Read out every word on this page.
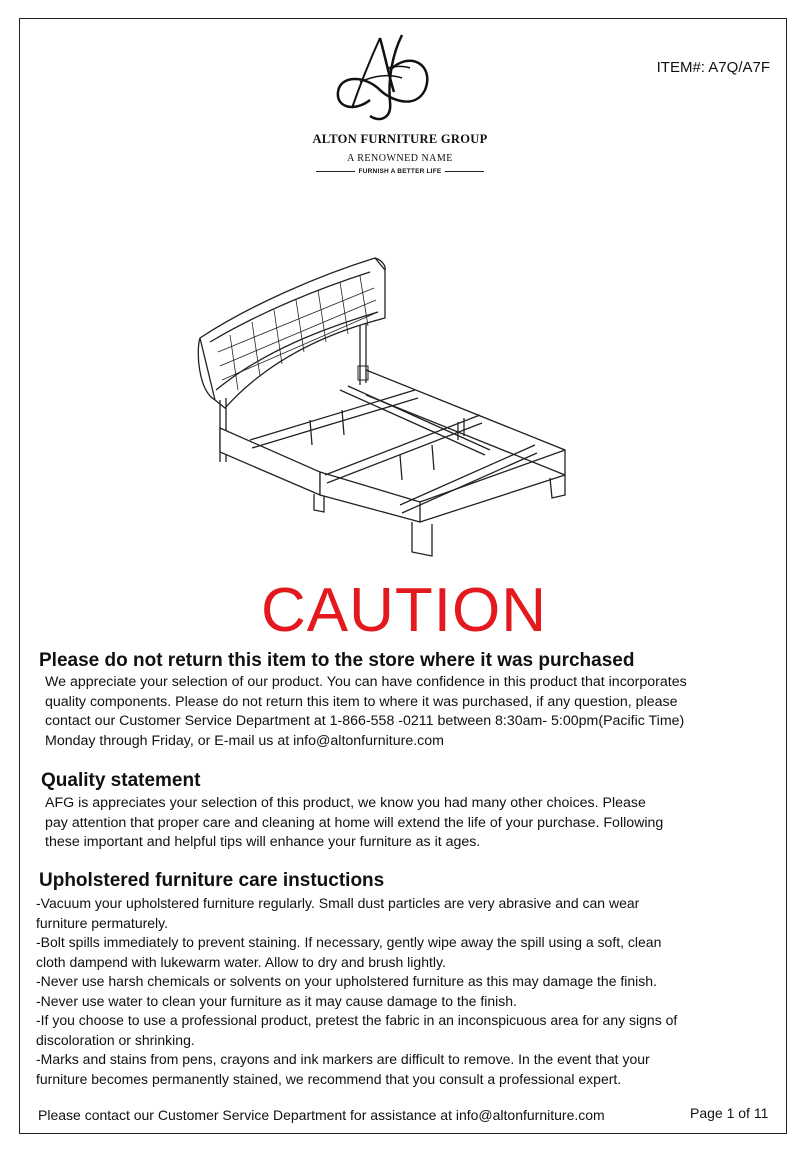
ITEM#: A7Q/A7F
ALTON FURNITURE GROUP
A RENOWNED NAME
FURNISH A BETTER LIFE
CAUTION
Please do not return this item to the store where it was purchased
We appreciate your selection of our product. You can have confidence in this product that incorporates
quality components. Please do not return this item to where it was purchased, if any question, please
contact our Customer Service Department at 1-866-558 -0211 between 8:30am- 5:00pm(Pacific Time)
Monday through Friday, or E-mail us at info@altonfurniture.com
Quality statement
AFG is appreciates your selection of this product, we know you had many other choices. Please
pay attention that proper care and cleaning at home will extend the life of your purchase. Following
these important and helpful tips will enhance your furniture as it ages.
Upholstered furniture care instuctions
-Vacuum your upholstered furniture regularly. Small dust particles are very abrasive and can wear
furniture permaturely.
-Bolt spills immediately to prevent staining. If necessary, gently wipe away the spill using a soft, clean
cloth dampend with lukewarm water. Allow to dry and brush lightly.
-Never use harsh chemicals or solvents on your upholstered furniture as this may damage the finish.
-Never use water to clean your furniture as it may cause damage to the finish.
-If you choose to use a professional product, pretest the fabric in an inconspicuous area for any signs of
discoloration or shrinking.
-Marks and stains from pens, crayons and ink markers are difficult to remove. In the event that your
furniture becomes permanently stained, we recommend that you consult a professional expert.
Please contact our Customer Service Department for assistance at info@altonfurniture.com	Page 1 of 11
